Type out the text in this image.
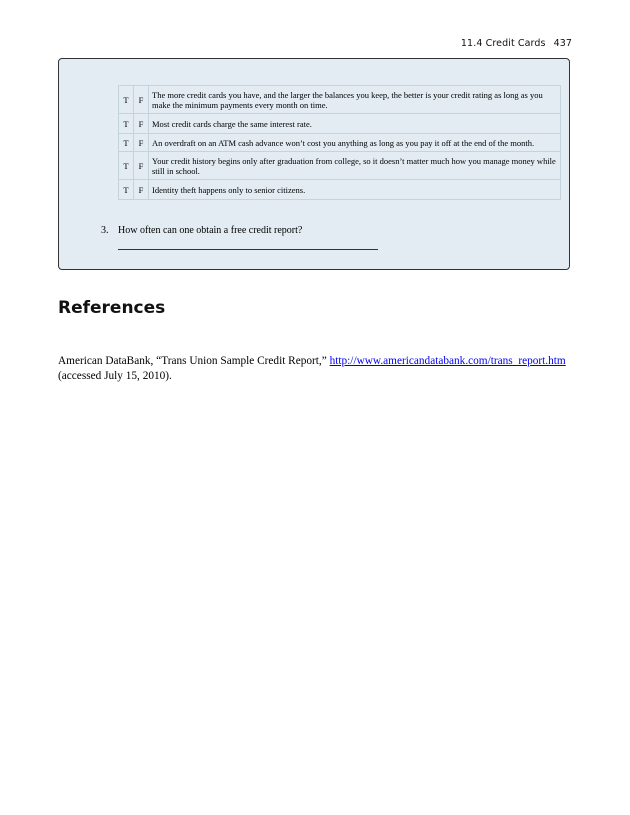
11.4 Credit Cards 437
T	F	The more credit cards you have, and the larger the balances you keep, the better is your credit rating as long as you make the minimum payments every month on time.
T	F	Most credit cards charge the same interest rate.
T	F	An overdraft on an ATM cash advance won’t cost you anything as long as you pay it off at the end of the month.
T	F	Your credit history begins only after graduation from college, so it doesn’t matter much how you manage money while still in school.
T	F	Identity theft happens only to senior citizens.
3. How often can one obtain a free credit report?
References

American DataBank, “Trans Union Sample Credit Report,” http://www.americandatabank.com/trans_report.htm (accessed July 15, 2010).
